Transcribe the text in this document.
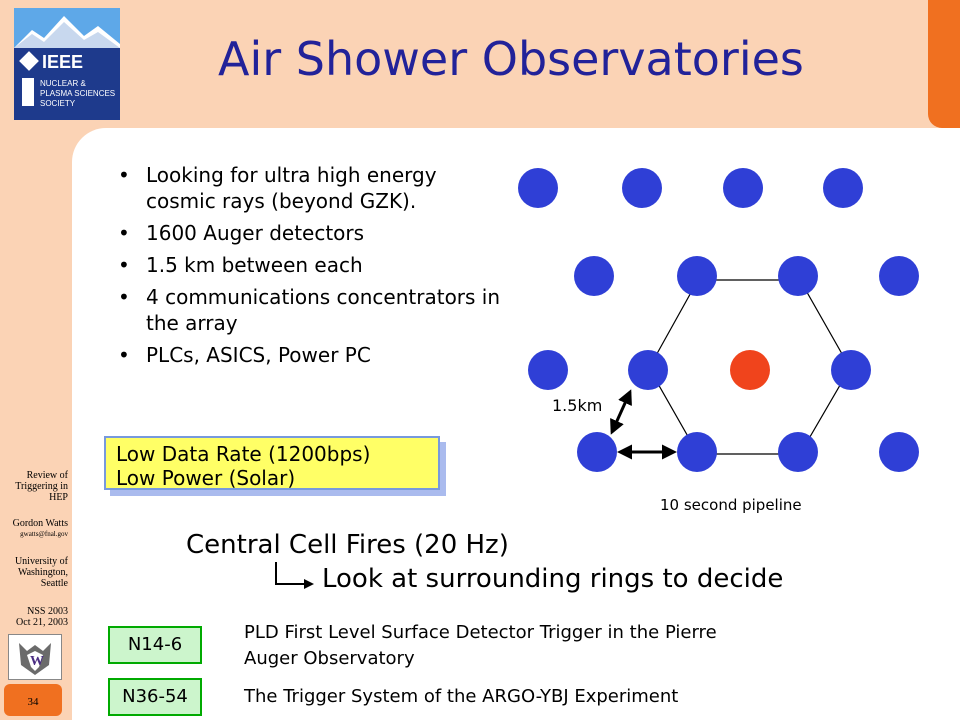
IEEE
NUCLEAR &
PLASMA SCIENCES
SOCIETY
Air Shower Observatories
Review of
Triggering in
HEP
Gordon Watts
gwatts@fnal.gov
University of
Washington,
Seattle
NSS 2003
Oct 21, 2003
W
34
• Looking for ultra high energy cosmic rays (beyond GZK).
• 1600 Auger detectors
• 1.5 km between each
• 4 communications concentrators in the array
• PLCs, ASICS, Power PC
Low Data Rate (1200bps)
Low Power (Solar)
1.5km
10 second pipeline
Central Cell Fires (20 Hz)
Look at surrounding rings to decide
N14-6
PLD First Level Surface Detector Trigger in the Pierre
Auger Observatory
N36-54	The Trigger System of the ARGO-YBJ Experiment
